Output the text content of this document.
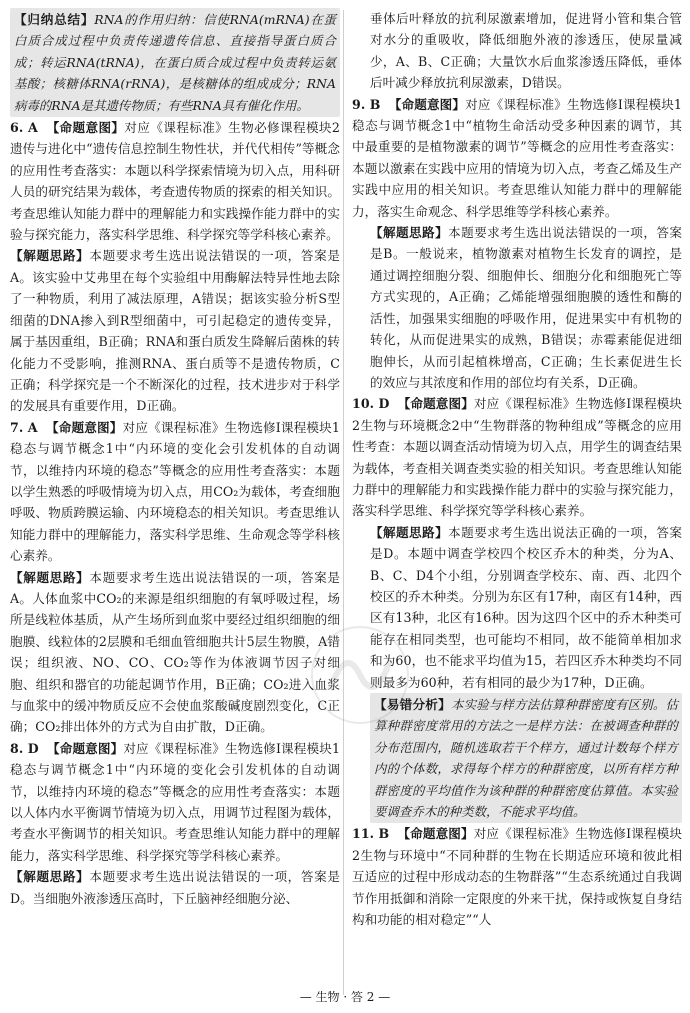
【归纳总结】RNA的作用归纳：信使RNA(mRNA)在蛋白质合成过程中负责传递遗传信息、直接指导蛋白质合成；转运RNA(tRNA)，在蛋白质合成过程中负责转运氨基酸；核糖体RNA(rRNA)，是核糖体的组成成分；RNA病毒的RNA是其遗传物质；有些RNA具有催化作用。

6. A 【命题意图】对应《课程标准》生物必修课程模块2遗传与进化中“遗传信息控制生物性状，并代代相传”等概念的应用性考查落实：本题以科学探索情境为切入点，用科研人员的研究结果为载体，考查遗传物质的探索的相关知识。考查思维认知能力群中的理解能力和实践操作能力群中的实验与探究能力，落实科学思维、科学探究等学科核心素养。

【解题思路】本题要求考生选出说法错误的一项，答案是A。该实验中艾弗里在每个实验组中用酶解法特异性地去除了一种物质，利用了减法原理，A错误；据该实验分析S型细菌的DNA掺入到R型细菌中，可引起稳定的遗传变异，属于基因重组，B正确；RNA和蛋白质发生降解后菌株的转化能力不受影响，推测RNA、蛋白质等不是遗传物质，C正确；科学探究是一个不断深化的过程，技术进步对于科学的发展具有重要作用，D正确。

7. A 【命题意图】对应《课程标准》生物选修Ⅰ课程模块1稳态与调节概念1中“内环境的变化会引发机体的自动调节，以维持内环境的稳态”等概念的应用性考查落实：本题以学生熟悉的呼吸情境为切入点，用CO₂为载体，考查细胞呼吸、物质跨膜运输、内环境稳态的相关知识。考查思维认知能力群中的理解能力，落实科学思维、生命观念等学科核心素养。

【解题思路】本题要求考生选出说法错误的一项，答案是A。人体血浆中CO₂的来源是组织细胞的有氧呼吸过程，场所是线粒体基质，从产生场所到血浆中要经过组织细胞的细胞膜、线粒体的2层膜和毛细血管细胞共计5层生物膜，A错误；组织液、NO、CO、CO₂等作为体液调节因子对细胞、组织和器官的功能起调节作用，B正确；CO₂进入血浆与血浆中的缓冲物质反应不会使血浆酸碱度剧烈变化，C正确；CO₂排出体外的方式为自由扩散，D正确。

8. D 【命题意图】对应《课程标准》生物选修Ⅰ课程模块1稳态与调节概念1中“内环境的变化会引发机体的自动调节，以维持内环境的稳态”等概念的应用性考查落实：本题以人体内水平衡调节情境为切入点，用调节过程图为载体，考查水平衡调节的相关知识。考查思维认知能力群中的理解能力，落实科学思维、科学探究等学科核心素养。

【解题思路】本题要求考生选出说法错误的一项，答案是D。当细胞外液渗透压高时，下丘脑神经细胞分泌、

垂体后叶释放的抗利尿激素增加，促进肾小管和集合管对水分的重吸收，降低细胞外液的渗透压，使尿量减少，A、B、C正确；大量饮水后血浆渗透压降低，垂体后叶减少释放抗利尿激素，D错误。

9. B 【命题意图】对应《课程标准》生物选修Ⅰ课程模块1稳态与调节概念1中“植物生命活动受多种因素的调节，其中最重要的是植物激素的调节”等概念的应用性考查落实：本题以激素在实践中应用的情境为切入点，考查乙烯及生产实践中应用的相关知识。考查思维认知能力群中的理解能力，落实生命观念、科学思维等学科核心素养。

【解题思路】本题要求考生选出说法错误的一项，答案是B。一般说来，植物激素对植物生长发育的调控，是通过调控细胞分裂、细胞伸长、细胞分化和细胞死亡等方式实现的，A正确；乙烯能增强细胞膜的透性和酶的活性，加强果实细胞的呼吸作用，促进果实中有机物的转化，从而促进果实的成熟，B错误；赤霉素能促进细胞伸长，从而引起植株增高，C正确；生长素促进生长的效应与其浓度和作用的部位均有关系，D正确。

10. D 【命题意图】对应《课程标准》生物选修Ⅰ课程模块2生物与环境概念2中“生物群落的物种组成”等概念的应用性考查：本题以调查活动情境为切入点，用学生的调查结果为载体，考查相关调查类实验的相关知识。考查思维认知能力群中的理解能力和实践操作能力群中的实验与探究能力，落实科学思维、科学探究等学科核心素养。

【解题思路】本题要求考生选出说法正确的一项，答案是D。本题中调查学校四个校区乔木的种类，分为A、B、C、D4个小组，分别调查学校东、南、西、北四个校区的乔木种类。分别为东区有17种，南区有14种，西区有13种，北区有16种。因为这四个区中的乔木种类可能存在相同类型，也可能均不相同，故不能简单相加求和为60，也不能求平均值为15，若四区乔木种类均不同则最多为60种，若有相同的最少为17种，D正确。

【易错分析】本实验与样方法估算种群密度有区别。估算种群密度常用的方法之一是样方法：在被调查种群的分布范围内，随机选取若干个样方，通过计数每个样方内的个体数，求得每个样方的种群密度，以所有样方种群密度的平均值作为该种群的种群密度估算值。本实验要调查乔木的种类数，不能求平均值。

11. B 【命题意图】对应《课程标准》生物选修Ⅰ课程模块2生物与环境中“不同种群的生物在长期适应环境和彼此相互适应的过程中形成动态的生物群落”“生态系统通过自我调节作用抵御和消除一定限度的外来干扰，保持或恢复自身结构和功能的相对稳定”“人

— 生物 · 答 2 —
